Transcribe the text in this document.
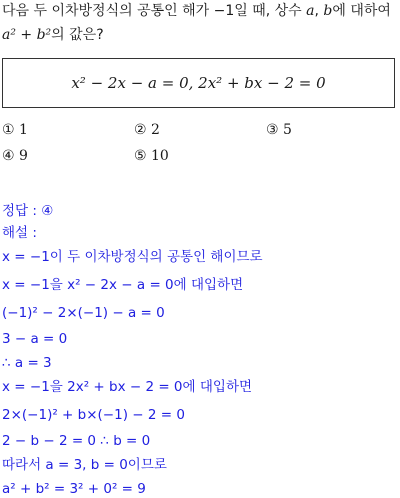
다음 두 이차방정식의 공통인 해가 −1일 때, 상수 a, b에 대하여
a² + b²의 값은?
x² − 2x − a = 0, 2x² + bx − 2 = 0
① 1	② 2	③ 5
④ 9	⑤ 10
정답 : ④
해설 :
x = −1이 두 이차방정식의 공통인 해이므로
x = −1을 x² − 2x − a = 0에 대입하면
(−1)² − 2×(−1) − a = 0
3 − a = 0
∴ a = 3
x = −1을 2x² + bx − 2 = 0에 대입하면
2×(−1)² + b×(−1) − 2 = 0
2 − b − 2 = 0 ∴ b = 0
따라서 a = 3, b = 0이므로
a² + b² = 3² + 0² = 9
